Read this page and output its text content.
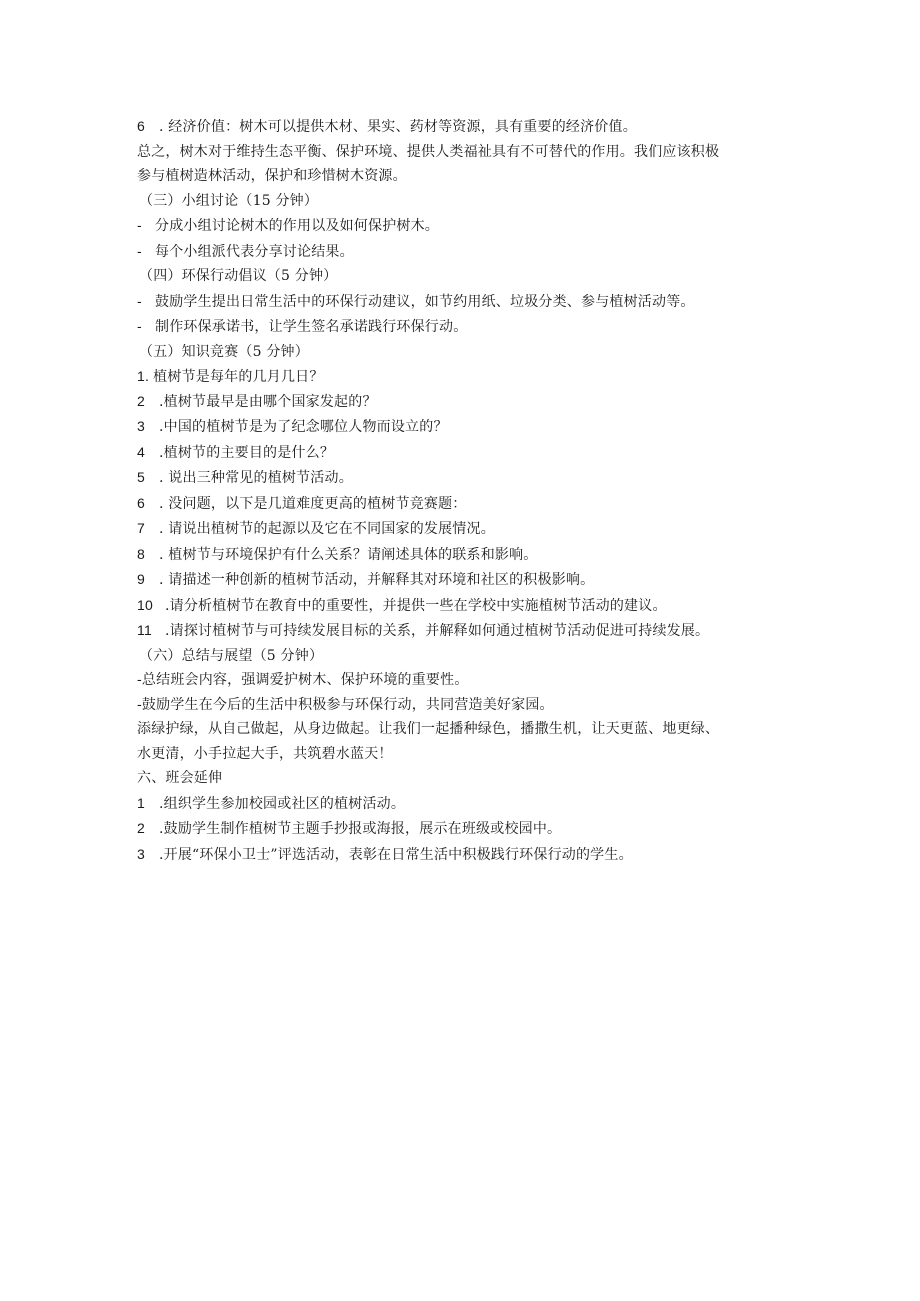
6 . 经济价值：树木可以提供木材、果实、药材等资源，具有重要的经济价值。
总之，树木对于维持生态平衡、保护环境、提供人类福祉具有不可替代的作用。我们应该积极
参与植树造林活动，保护和珍惜树木资源。
（三）小组讨论（15 分钟）
- 分成小组讨论树木的作用以及如何保护树木。
- 每个小组派代表分享讨论结果。
（四）环保行动倡议（5 分钟）
- 鼓励学生提出日常生活中的环保行动建议，如节约用纸、垃圾分类、参与植树活动等。
- 制作环保承诺书，让学生签名承诺践行环保行动。
（五）知识竞赛（5 分钟）
1. 植树节是每年的几月几日？
2 .植树节最早是由哪个国家发起的？
3 .中国的植树节是为了纪念哪位人物而设立的？
4 .植树节的主要目的是什么？
5 . 说出三种常见的植树节活动。
6 . 没问题，以下是几道难度更高的植树节竞赛题：
7 . 请说出植树节的起源以及它在不同国家的发展情况。
8 . 植树节与环境保护有什么关系？请阐述具体的联系和影响。
9 . 请描述一种创新的植树节活动，并解释其对环境和社区的积极影响。
10 .请分析植树节在教育中的重要性，并提供一些在学校中实施植树节活动的建议。
11 .请探讨植树节与可持续发展目标的关系，并解释如何通过植树节活动促进可持续发展。
（六）总结与展望（5 分钟）
-总结班会内容，强调爱护树木、保护环境的重要性。
-鼓励学生在今后的生活中积极参与环保行动，共同营造美好家园。
添绿护绿，从自己做起，从身边做起。让我们一起播种绿色，播撒生机，让天更蓝、地更绿、
水更清，小手拉起大手，共筑碧水蓝天！
六、班会延伸
1 .组织学生参加校园或社区的植树活动。
2 .鼓励学生制作植树节主题手抄报或海报，展示在班级或校园中。
3 .开展“环保小卫士”评选活动，表彰在日常生活中积极践行环保行动的学生。
